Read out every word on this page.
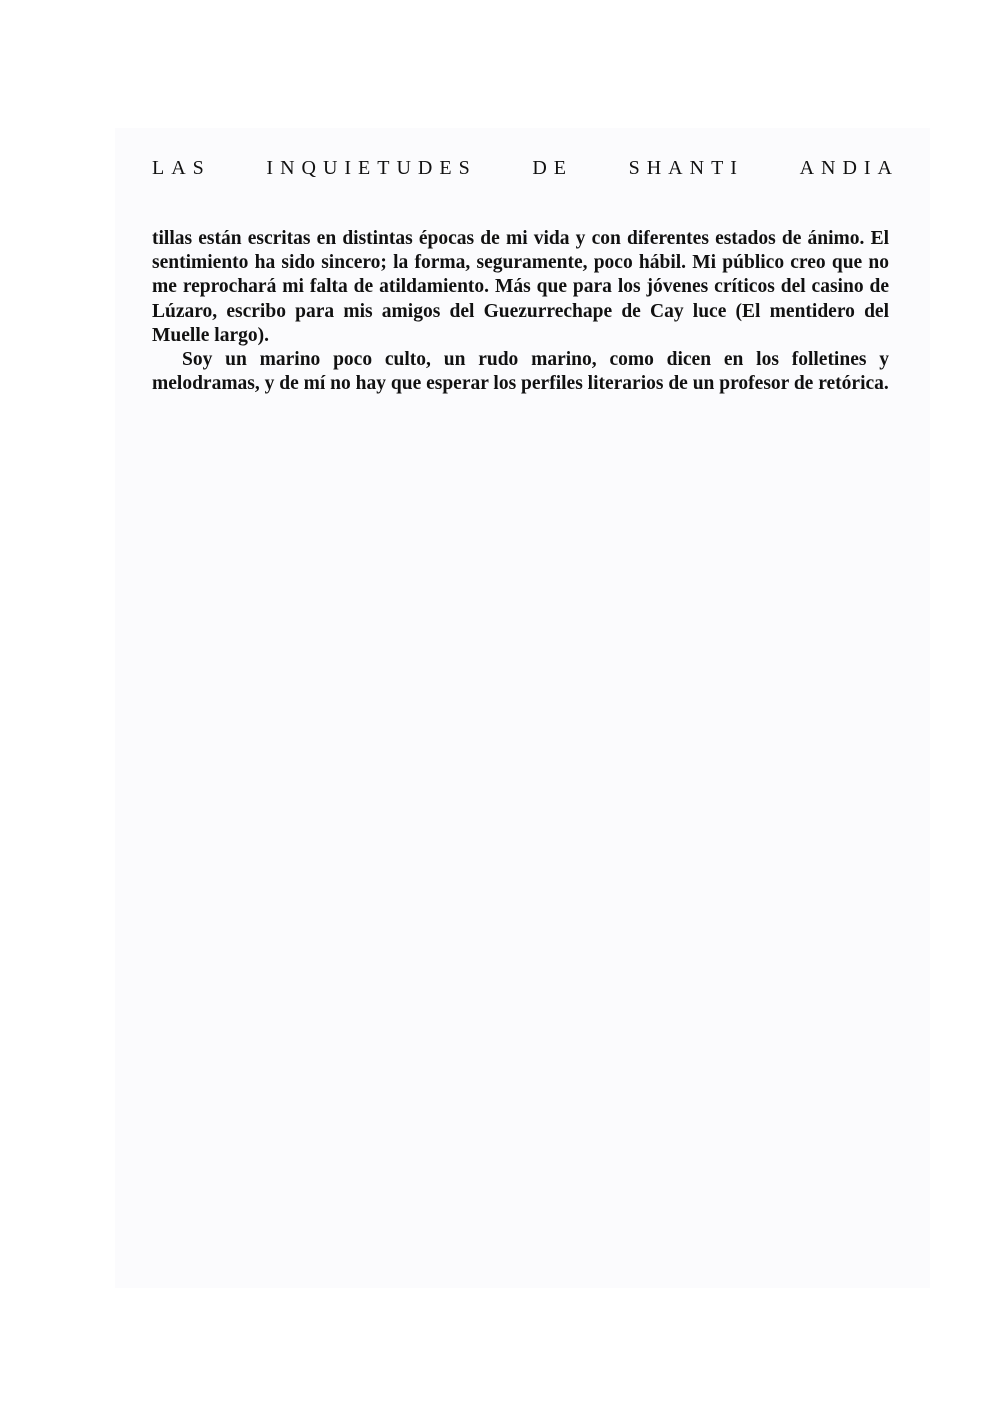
LAS	INQUIETUDES	DE	SHANTI	ANDIA

tillas están escritas en distintas épocas de mi vida y con diferentes estados de ánimo. El sentimiento ha sido sincero; la forma, seguramente, poco hábil. Mi público creo que no me reprochará mi falta de atildamiento. Más que para los jóvenes críticos del casino de Lúzaro, escribo para mis amigos del Guezurrechape de Cay luce (El mentidero del Muelle largo).

Soy un marino poco culto, un rudo marino, como dicen en los folletines y melodramas, y de mí no hay que esperar los perfiles literarios de un profesor de retórica.
